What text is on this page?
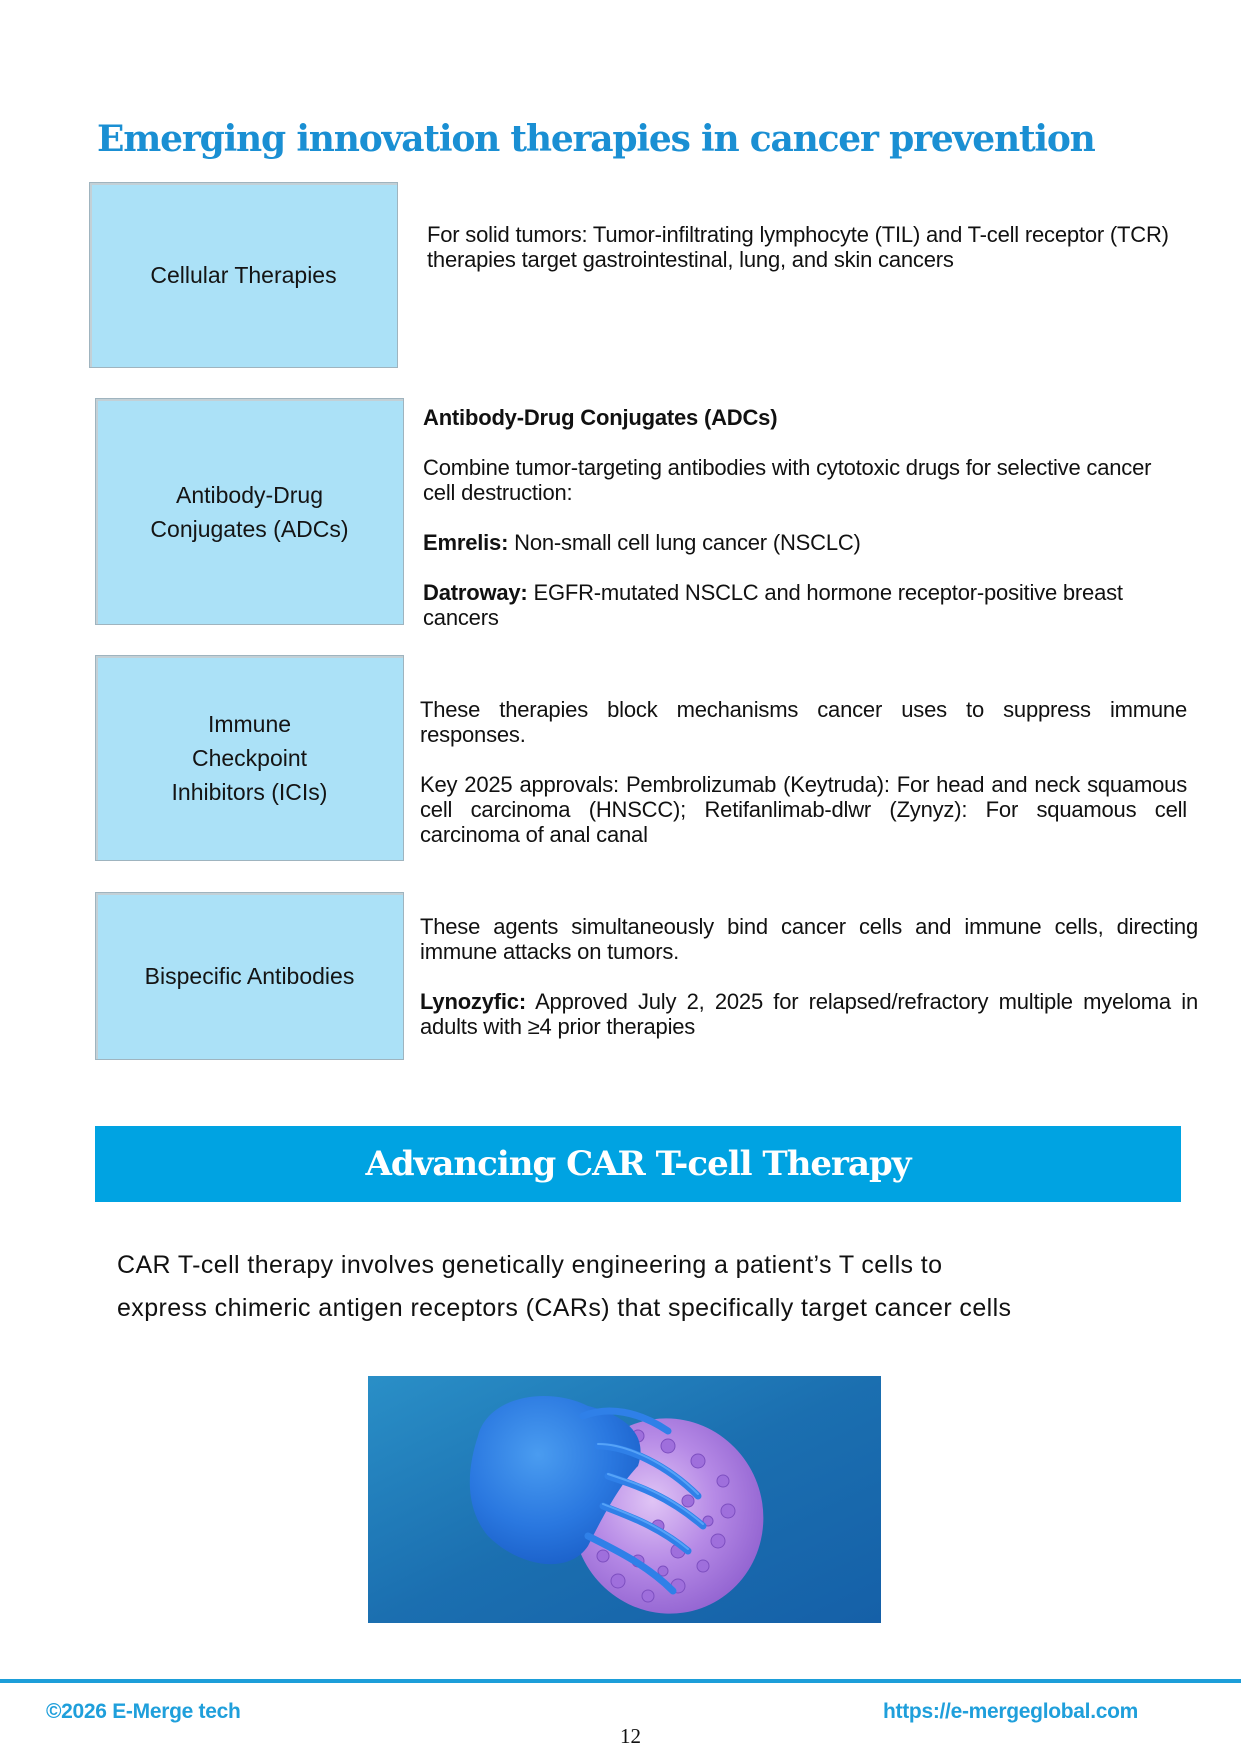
Emerging innovation therapies in cancer prevention
Cellular Therapies

For solid tumors: Tumor-infiltrating lymphocyte (TIL) and T-cell receptor (TCR) therapies target gastrointestinal, lung, and skin cancers

Antibody-Drug Conjugates (ADCs)

Antibody-Drug Conjugates (ADCs)

Combine tumor-targeting antibodies with cytotoxic drugs for selective cancer cell destruction:

Emrelis: Non-small cell lung cancer (NSCLC)

Datroway: EGFR-mutated NSCLC and hormone receptor-positive breast cancers

Immune Checkpoint Inhibitors (ICIs)

These therapies block mechanisms cancer uses to suppress immune responses.

Key 2025 approvals: Pembrolizumab (Keytruda): For head and neck squamous cell carcinoma (HNSCC); Retifanlimab-dlwr (Zynyz): For squamous cell carcinoma of anal canal

Bispecific Antibodies

These agents simultaneously bind cancer cells and immune cells, directing immune attacks on tumors.

Lynozyfic: Approved July 2, 2025 for relapsed/refractory multiple myeloma in adults with ≥4 prior therapies

Advancing CAR T-cell Therapy

CAR T-cell therapy involves genetically engineering a patient’s T cells to

express chimeric antigen receptors (CARs) that specifically target cancer cells

©2026 E-Merge tech	https://e-mergeglobal.com
12
